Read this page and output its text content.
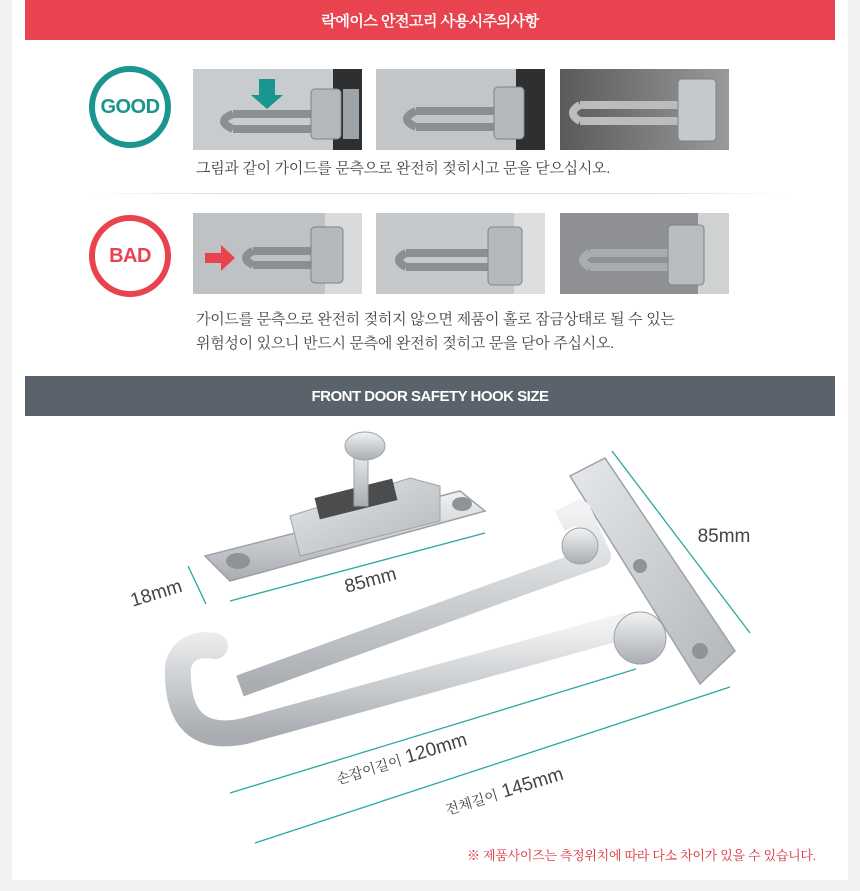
락에이스 안전고리 사용시주의사항
GOOD
그림과 같이 가이드를 문측으로 완전히 젖히시고 문을 닫으십시오.
BAD
가이드를 문측으로 완전히 젖히지 않으면 제품이 홀로 잠금상태로 될 수 있는
위험성이 있으니 반드시 문측에 완전히 젖히고 문을 닫아 주십시오.
FRONT DOOR SAFETY HOOK SIZE
18mm	85mm
85mm
손잡이길이
120mm
전체길이 145mm
※ 제품사이즈는 측정위치에 따라 다소 차이가 있을 수 있습니다.
